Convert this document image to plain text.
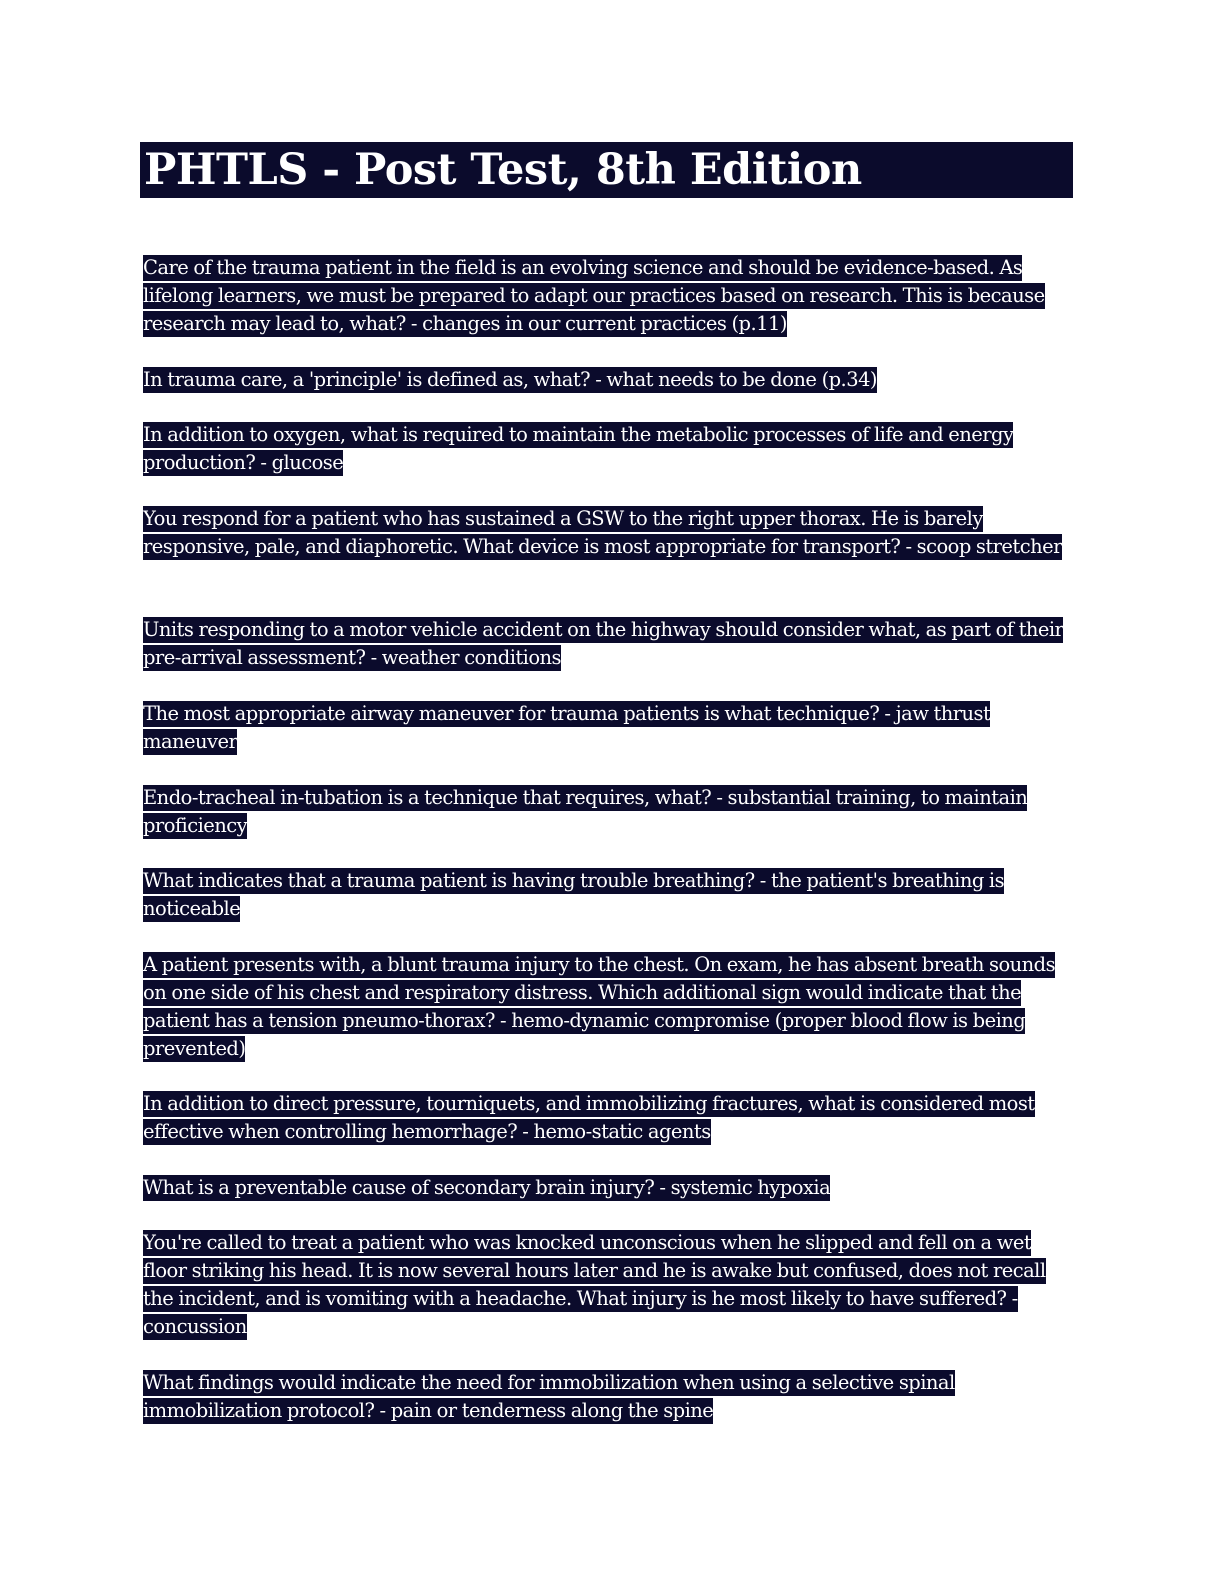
PHTLS - Post Test, 8th Edition

Care of the trauma patient in the field is an evolving science and should be evidence-based. As lifelong learners, we must be prepared to adapt our practices based on research. This is because research may lead to, what? - changes in our current practices (p.11)

In trauma care, a 'principle' is defined as, what? - what needs to be done (p.34)

In addition to oxygen, what is required to maintain the metabolic processes of life and energy production? - glucose

You respond for a patient who has sustained a GSW to the right upper thorax. He is barely responsive, pale, and diaphoretic. What device is most appropriate for transport? - scoop stretcher

Units responding to a motor vehicle accident on the highway should consider what, as part of their pre-arrival assessment? - weather conditions

The most appropriate airway maneuver for trauma patients is what technique? - jaw thrust maneuver

Endo-tracheal in-tubation is a technique that requires, what? - substantial training, to maintain proficiency

What indicates that a trauma patient is having trouble breathing? - the patient's breathing is noticeable

A patient presents with, a blunt trauma injury to the chest. On exam, he has absent breath sounds on one side of his chest and respiratory distress. Which additional sign would indicate that the patient has a tension pneumo-thorax? - hemo-dynamic compromise (proper blood flow is being prevented)

In addition to direct pressure, tourniquets, and immobilizing fractures, what is considered most effective when controlling hemorrhage? - hemo-static agents

What is a preventable cause of secondary brain injury? - systemic hypoxia

You're called to treat a patient who was knocked unconscious when he slipped and fell on a wet floor striking his head. It is now several hours later and he is awake but confused, does not recall the incident, and is vomiting with a headache. What injury is he most likely to have suffered? - concussion

What findings would indicate the need for immobilization when using a selective spinal immobilization protocol? - pain or tenderness along the spine
